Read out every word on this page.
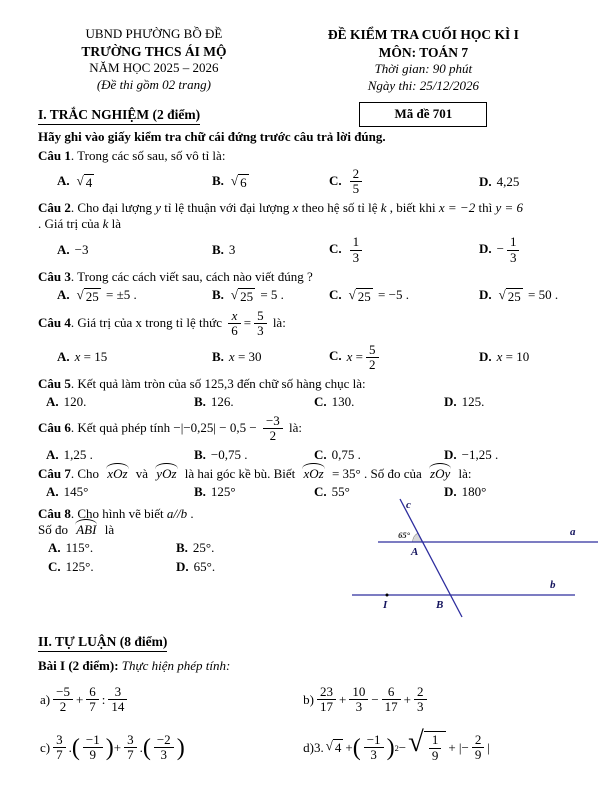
UBND PHƯỜNG BỒ ĐỀ
TRƯỜNG THCS ÁI MỘ
NĂM HỌC 2025 – 2026
(Đề thi gồm 02 trang)
ĐỀ KIỂM TRA CUỐI HỌC KÌ I
MÔN: TOÁN 7
Thời gian: 90 phút
Ngày thi: 25/12/2026
Mã đề 701
I. TRẮC NGHIỆM (2 điểm)
Hãy ghi vào giấy kiểm tra chữ cái đứng trước câu trả lời đúng.
Câu 1. Trong các số sau, số vô tỉ là:
A. √ 4	B. √ 6	C. $\frac{2}{5}$	D. 4,25
Câu 2. Cho đại lượng y tỉ lệ thuận với đại lượng x theo hệ số tỉ lệ k , biết khi x = −2 thì y = 6
. Giá trị của k là
A. −3	B. 3	C. $\frac{1}{3}$	D. − $\frac{1}{3}$
Câu 3. Trong các cách viết sau, cách nào viết đúng ?
A. √ 25 = ±5 .	B. √ 25 = 5 .	C. √ 25 = −5 .	D. √ 25 = 50 .
Câu 4. Giá trị của x trong tỉ lệ thức $\frac{x}{6} = \frac{5}{3}$ là:
A. x = 15	B. x = 30	C. $x = \frac{5}{2}$	D. x = 10
Câu 5. Kết quả làm tròn của số 125,3 đến chữ số hàng chục là:
A. 120.	B. 126.	C. 130.	D. 125.
Câu 6. Kết quả phép tính $-|-0,25| - 0,5 - \frac{-3}{2}$ là:
A. 1,25 .	B. −0,75 .	C. 0,75 .	D. −1,25 .
Câu 7. Cho xOz và yOz là hai góc kề bù. Biết xOz = 35° . Số đo của zOy là:
A. 145°	B. 125°	C. 55°	D. 180°
Câu 8. Cho hình vẽ biết a//b .
Số đo ABI là
A. 115°.	B. 25°.
C. 125°.	D. 65°.
65°
c
a
b
A
B
I
II. TỰ LUẬN (8 điểm)
Bài I (2 điểm): Thực hiện phép tính:
$a) \frac{-5}{2} + \frac{6}{7}$ : $\frac{3}{14}$	$b) \frac{23}{17} + \frac{10}{3} - \frac{6}{17} + \frac{2}{3}$
$c) \frac{3}{7}$ . ( $\frac{-1}{9}$ ) + $\frac{3}{7}$ . ( $\frac{-2}{3}$ )	d) 3. √ 4 + ( $\frac{-1}{3}$ ) 2 − √ $\frac{1}{9}$ + |− $\frac{2}{9}$ |
